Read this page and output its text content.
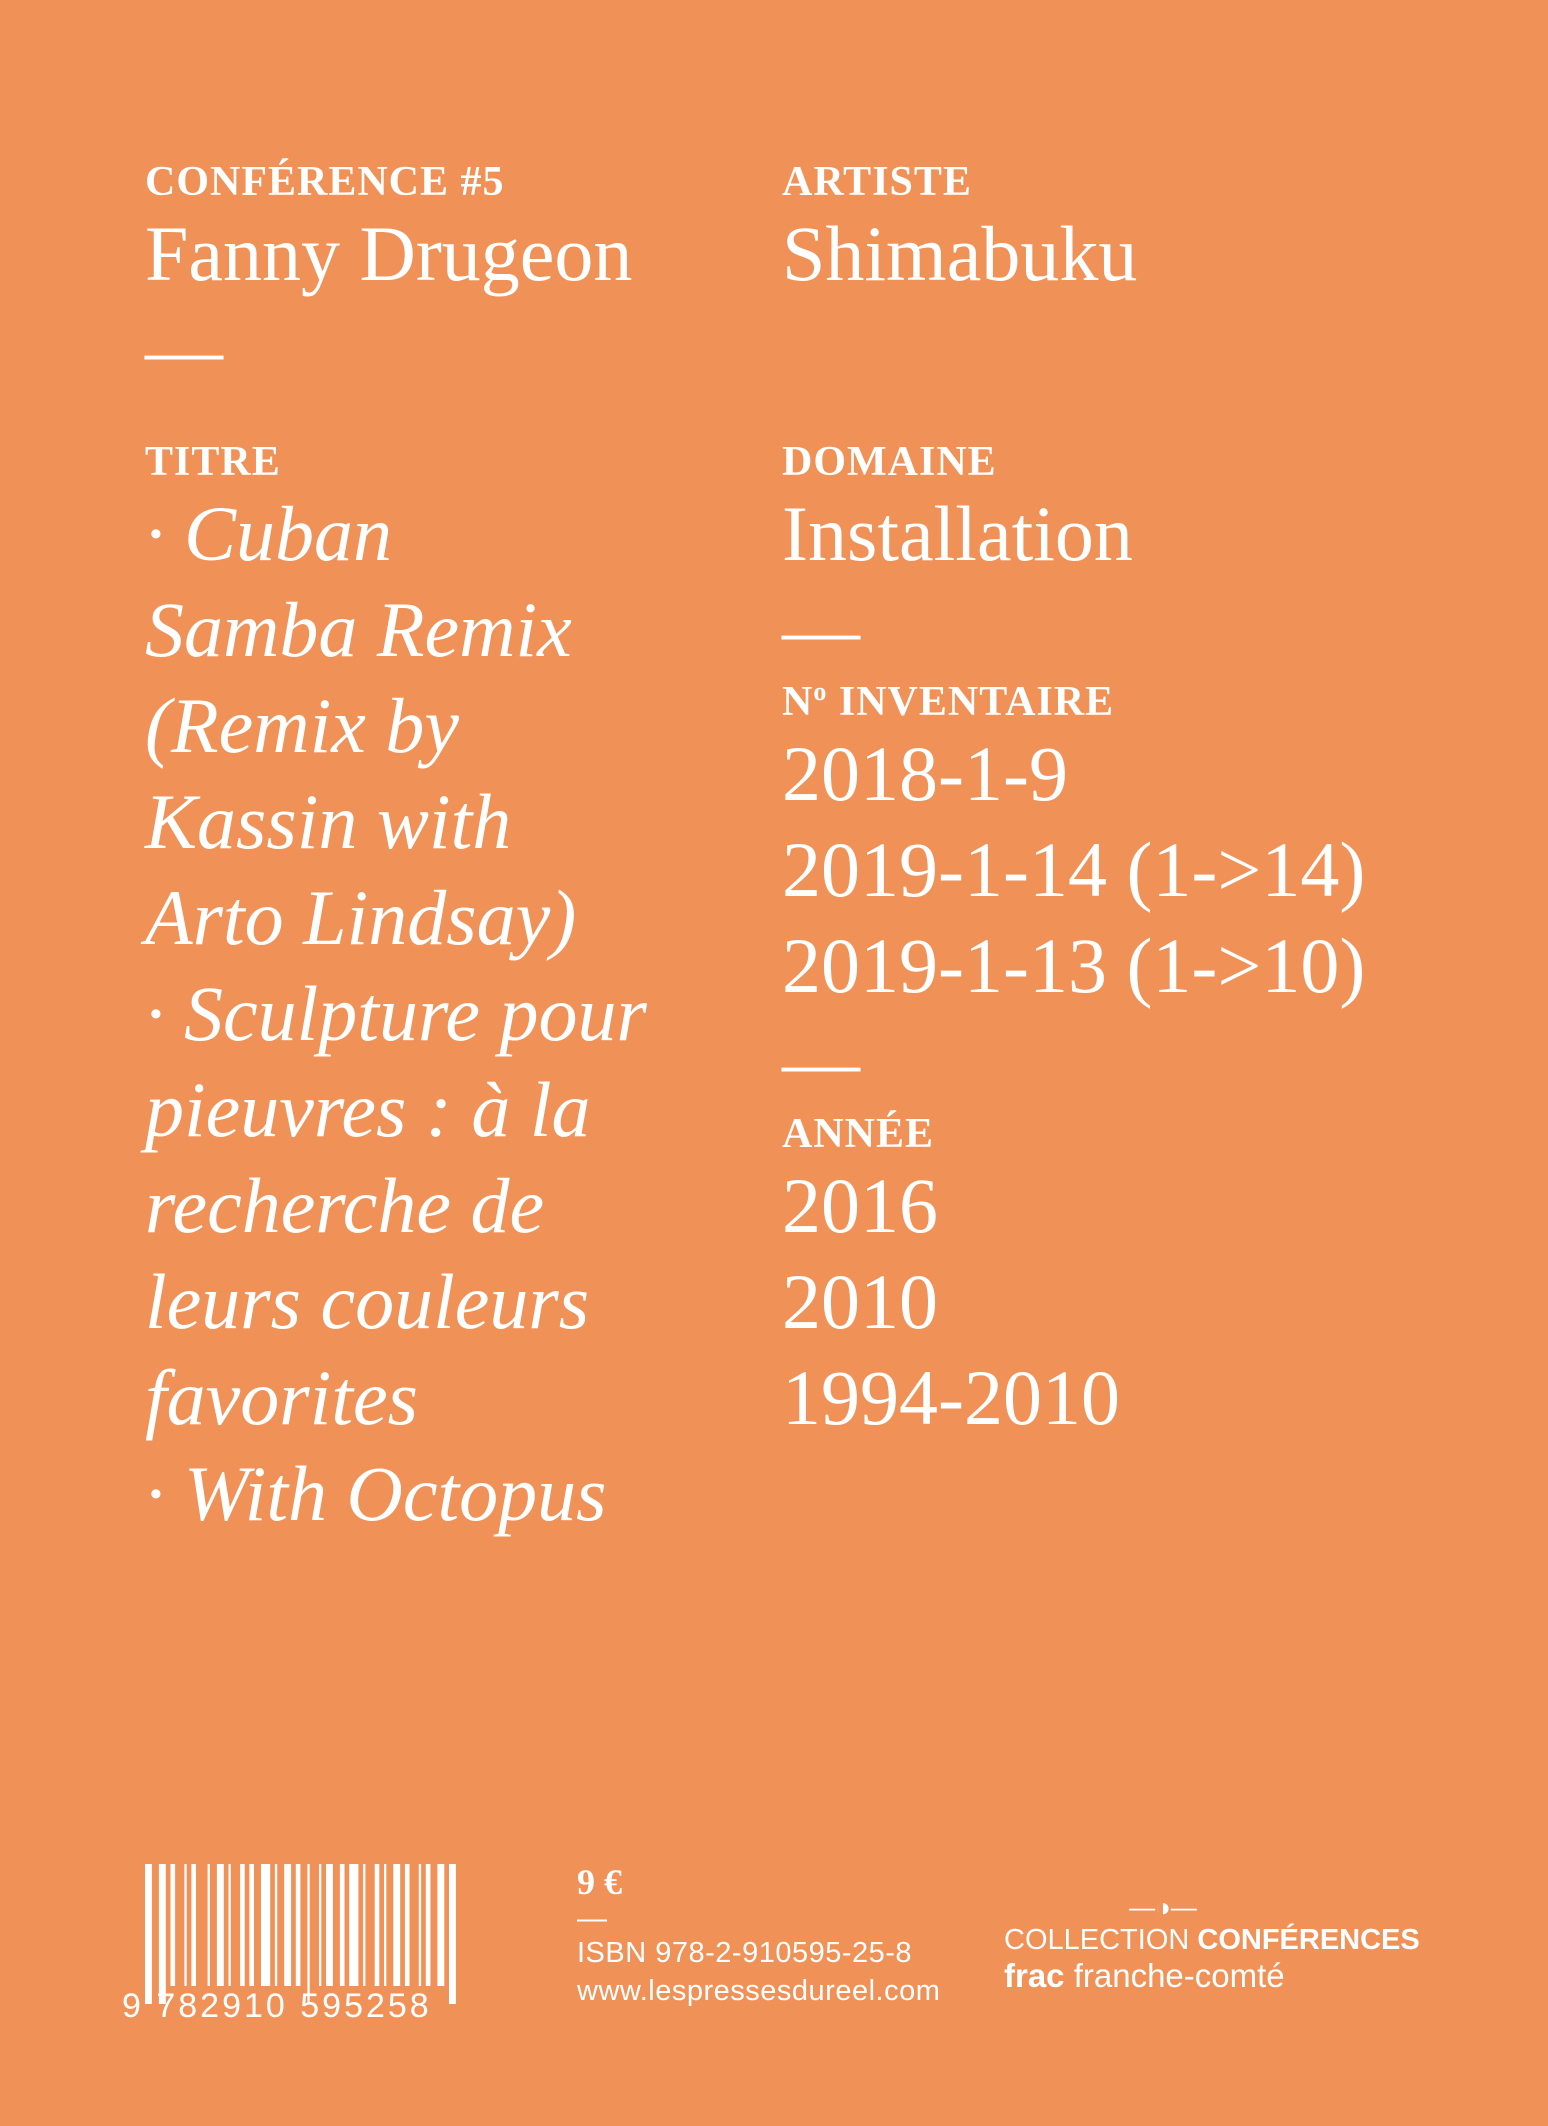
CONFÉRENCE #5
Fanny Drugeon
—
TITRE
· Cuban
Samba Remix
(Remix by
Kassin with
Arto Lindsay)
· Sculpture pour
pieuvres : à la
recherche de
leurs couleurs
favorites
· With Octopus
ARTISTE
Shimabuku
DOMAINE
Installation
—
$N^o$ INVENTAIRE
2018-1-9
2019-1-14 (1->14)
2019-1-13 (1->10)
—
ANNÉE
2016
2010
1994-2010
9 782910 595258
9 €
—
ISBN 978-2-910595-25-8
www.lespressesdureel.com
—◑—
COLLECTION CONFÉRENCES
frac franche-comté
